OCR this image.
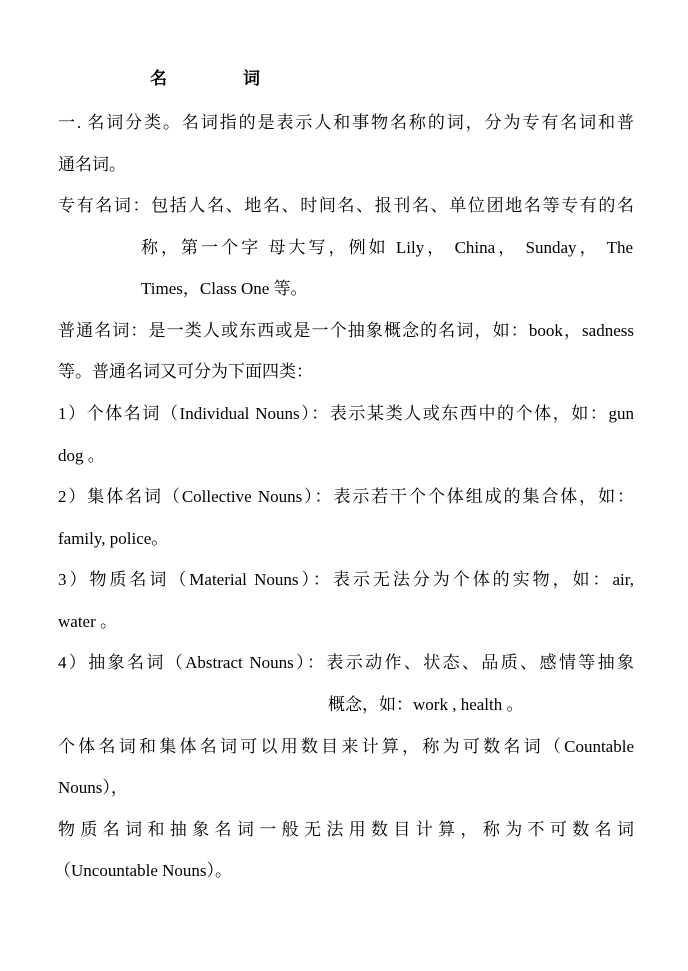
名	词

一. 名词分类。名词指的是表示人和事物名称的词，分为专有名词和普

通名词。

专有名词：包括人名、地名、时间名、报刊名、单位团地名等专有的名

称，第一个字 母大写，例如 Lily， China， Sunday， The

Times，Class One 等。

普通名词：是一类人或东西或是一个抽象概念的名词，如：book，sadness

等。普通名词又可分为下面四类：

1）个体名词（Individual Nouns）：表示某类人或东西中的个体，如：gun

dog 。

2）集体名词（Collective Nouns）：表示若干个个体组成的集合体，如：

family, police。

3）物质名词（Material Nouns）：表示无法分为个体的实物，如：air,

water 。

4）抽象名词（Abstract Nouns）：表示动作、状态、品质、感情等抽象

概念，如：work , health 。

个体名词和集体名词可以用数目来计算，称为可数名词（Countable

Nouns），

物质名词和抽象名词一般无法用数目计算，称为不可数名词

（Uncountable Nouns）。
